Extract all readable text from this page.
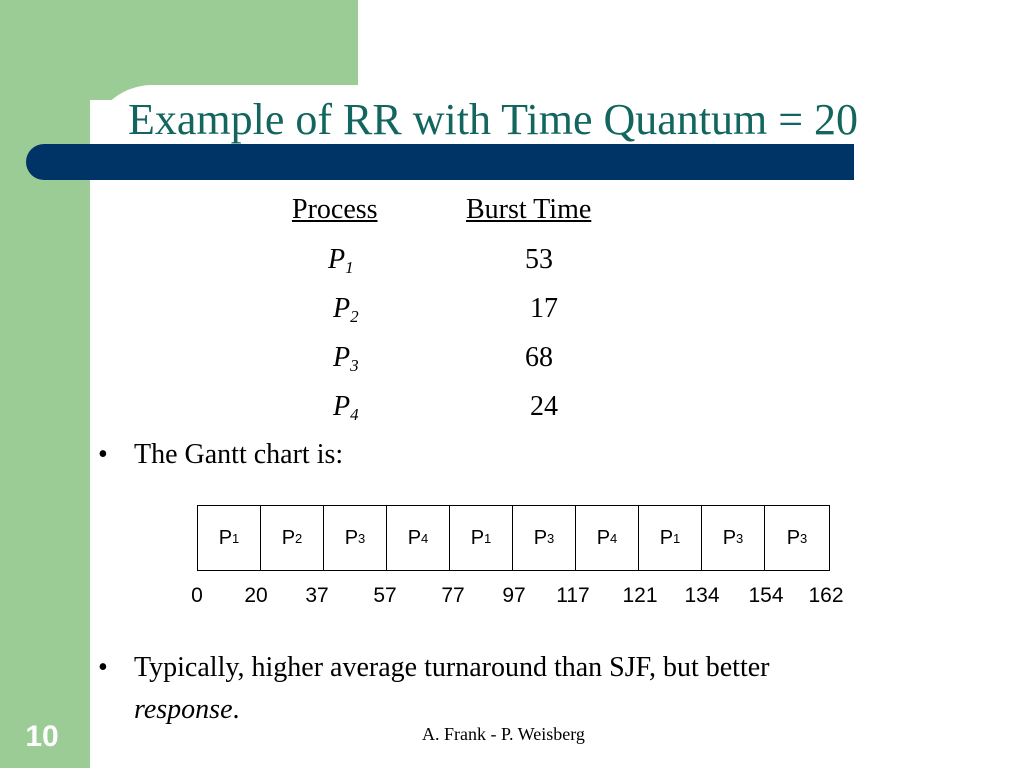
Example of RR with Time Quantum = 20
10
Process	Burst Time
$P_1$	53
$P_2$	17
$P_3$	68
$P_4$	24
• The Gantt chart is:
P 1 P 2 P 3 P 4 P 1 P 3 P 4 P 1 P 3 P 3
0 20 37 57 77 97 117 121 134 154 162
• Typically, higher average turnaround than SJF, but better
response.
A. Frank - P. Weisberg
